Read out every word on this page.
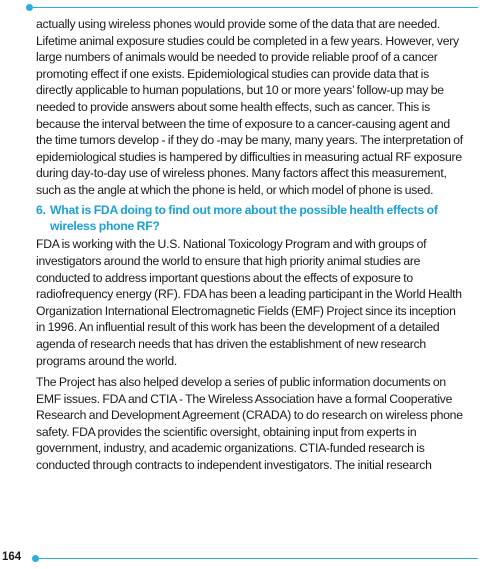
actually using wireless phones would provide some of the data that are needed. Lifetime animal exposure studies could be completed in a few years. However, very large numbers of animals would be needed to provide reliable proof of a cancer promoting effect if one exists. Epidemiological studies can provide data that is directly applicable to human populations, but 10 or more years’ follow-up may be needed to provide answers about some health effects, such as cancer. This is because the interval between the time of exposure to a cancer-causing agent and the time tumors develop - if they do -may be many, many years. The interpretation of epidemiological studies is hampered by difficulties in measuring actual RF exposure during day-to-day use of wireless phones. Many factors affect this measurement, such as the angle at which the phone is held, or which model of phone is used.

6. What is FDA doing to find out more about the possible health effects of wireless phone RF?

FDA is working with the U.S. National Toxicology Program and with groups of investigators around the world to ensure that high priority animal studies are conducted to address important questions about the effects of exposure to radiofrequency energy (RF). FDA has been a leading participant in the World Health Organization International Electromagnetic Fields (EMF) Project since its inception in 1996. An influential result of this work has been the development of a detailed agenda of research needs that has driven the establishment of new research programs around the world.

The Project has also helped develop a series of public information documents on EMF issues. FDA and CTIA - The Wireless Association have a formal Cooperative Research and Development Agreement (CRADA) to do research on wireless phone safety. FDA provides the scientific oversight, obtaining input from experts in government, industry, and academic organizations. CTIA-funded research is conducted through contracts to independent investigators. The initial research

164
